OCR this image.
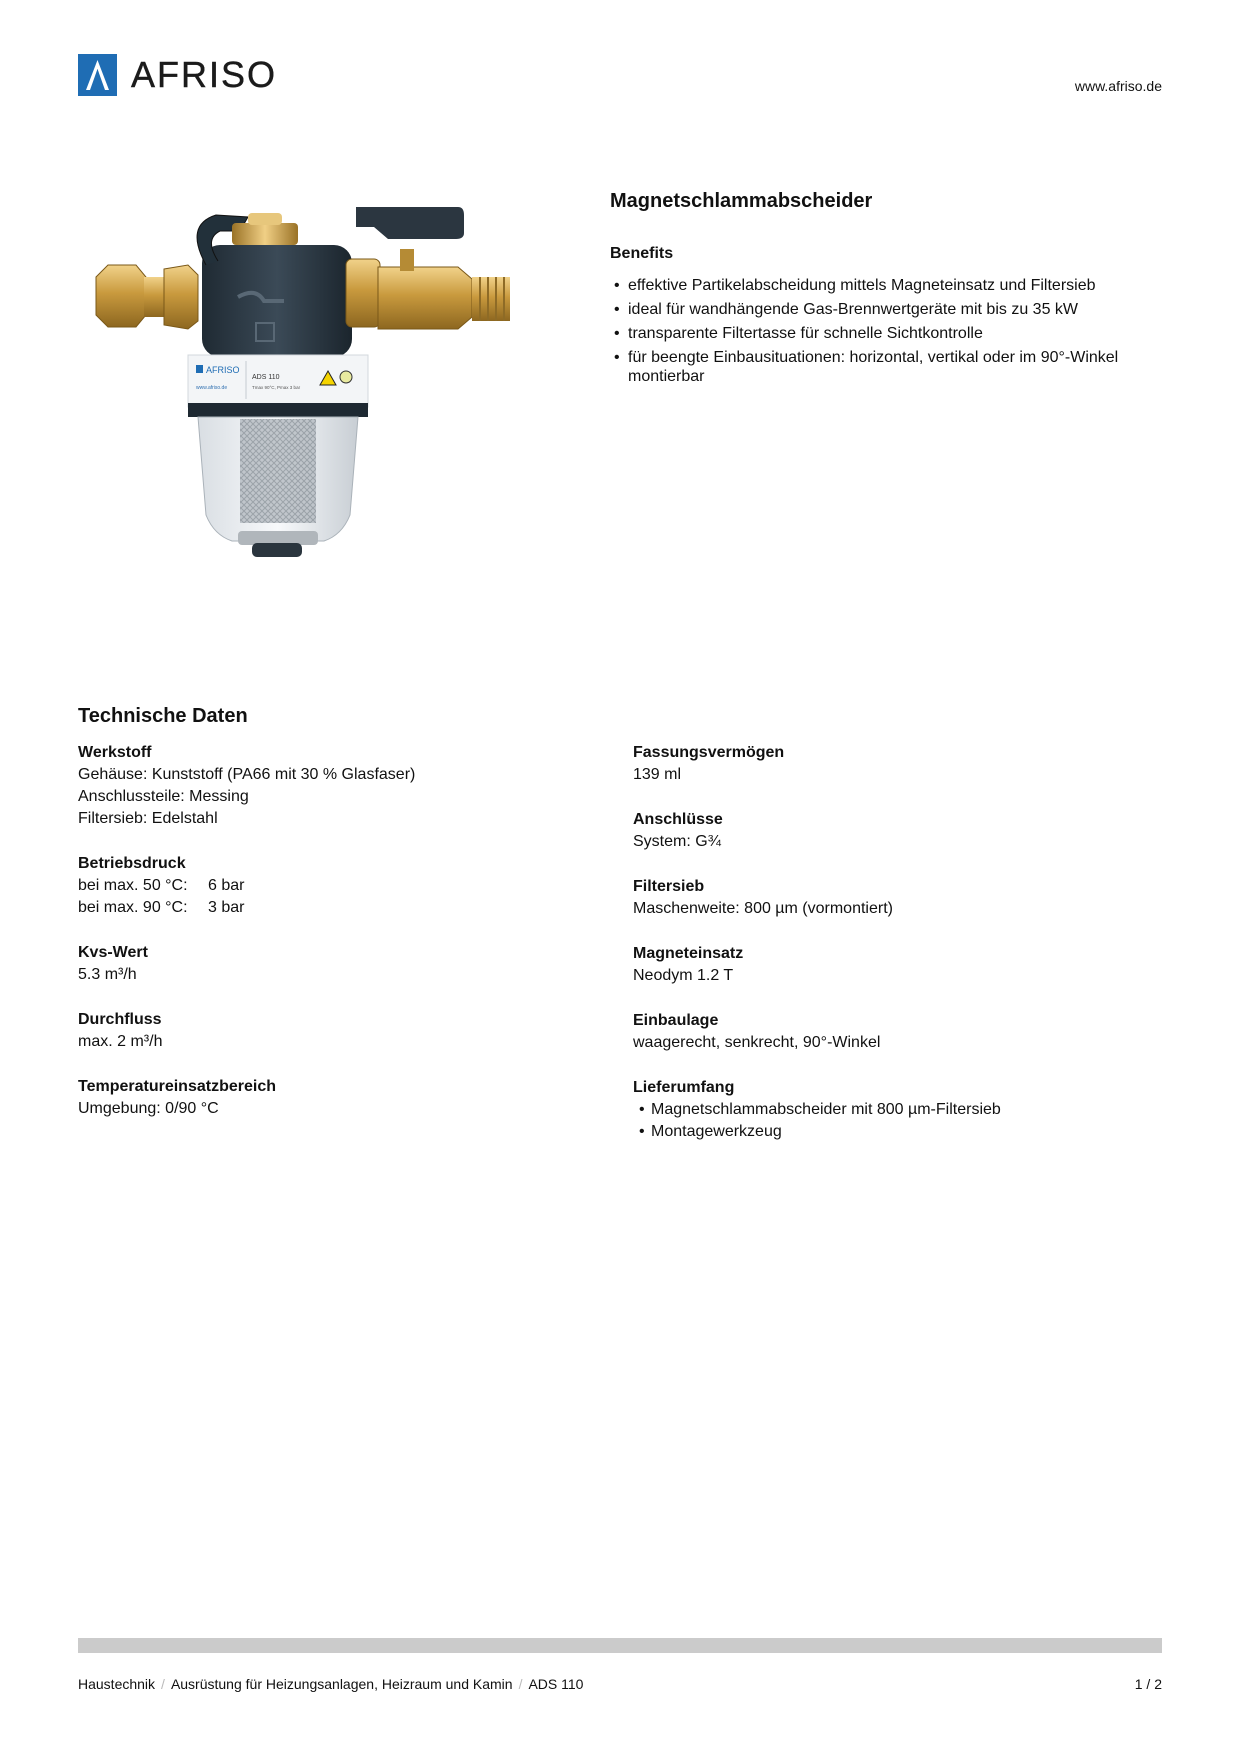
AFRISO	www.afriso.de
AFRISO
www.afriso.de
ADS 110
Tmax 90°C, Pmax 3 bar
Magnetschlammabscheider
Benefits
• effektive Partikelabscheidung mittels Magneteinsatz und Filtersieb
• ideal für wandhängende Gas-Brennwertgeräte mit bis zu 35 kW
• transparente Filtertasse für schnelle Sichtkontrolle
• für beengte Einbausituationen: horizontal, vertikal oder im 90°-Winkel montierbar
Technische Daten
Werkstoff
Gehäuse: Kunststoff (PA66 mit 30 % Glasfaser)
Anschlussteile: Messing
Filtersieb: Edelstahl
Betriebsdruck
bei max. 50 °C: 6 bar
bei max. 90 °C: 3 bar
Kvs-Wert
5.3 m³/h
Durchfluss
max. 2 m³/h
Temperatureinsatzbereich
Umgebung: 0/90 °C
Fassungsvermögen
139 ml
Anschlüsse
System: G¾
Filtersieb
Maschenweite: 800 µm (vormontiert)
Magneteinsatz
Neodym 1.2 T
Einbaulage
waagerecht, senkrecht, 90°-Winkel
Lieferumfang
• Magnetschlammabscheider mit 800 µm-Filtersieb
• Montagewerkzeug
Haustechnik / Ausrüstung für Heizungsanlagen, Heizraum und Kamin / ADS 110	1 / 2
